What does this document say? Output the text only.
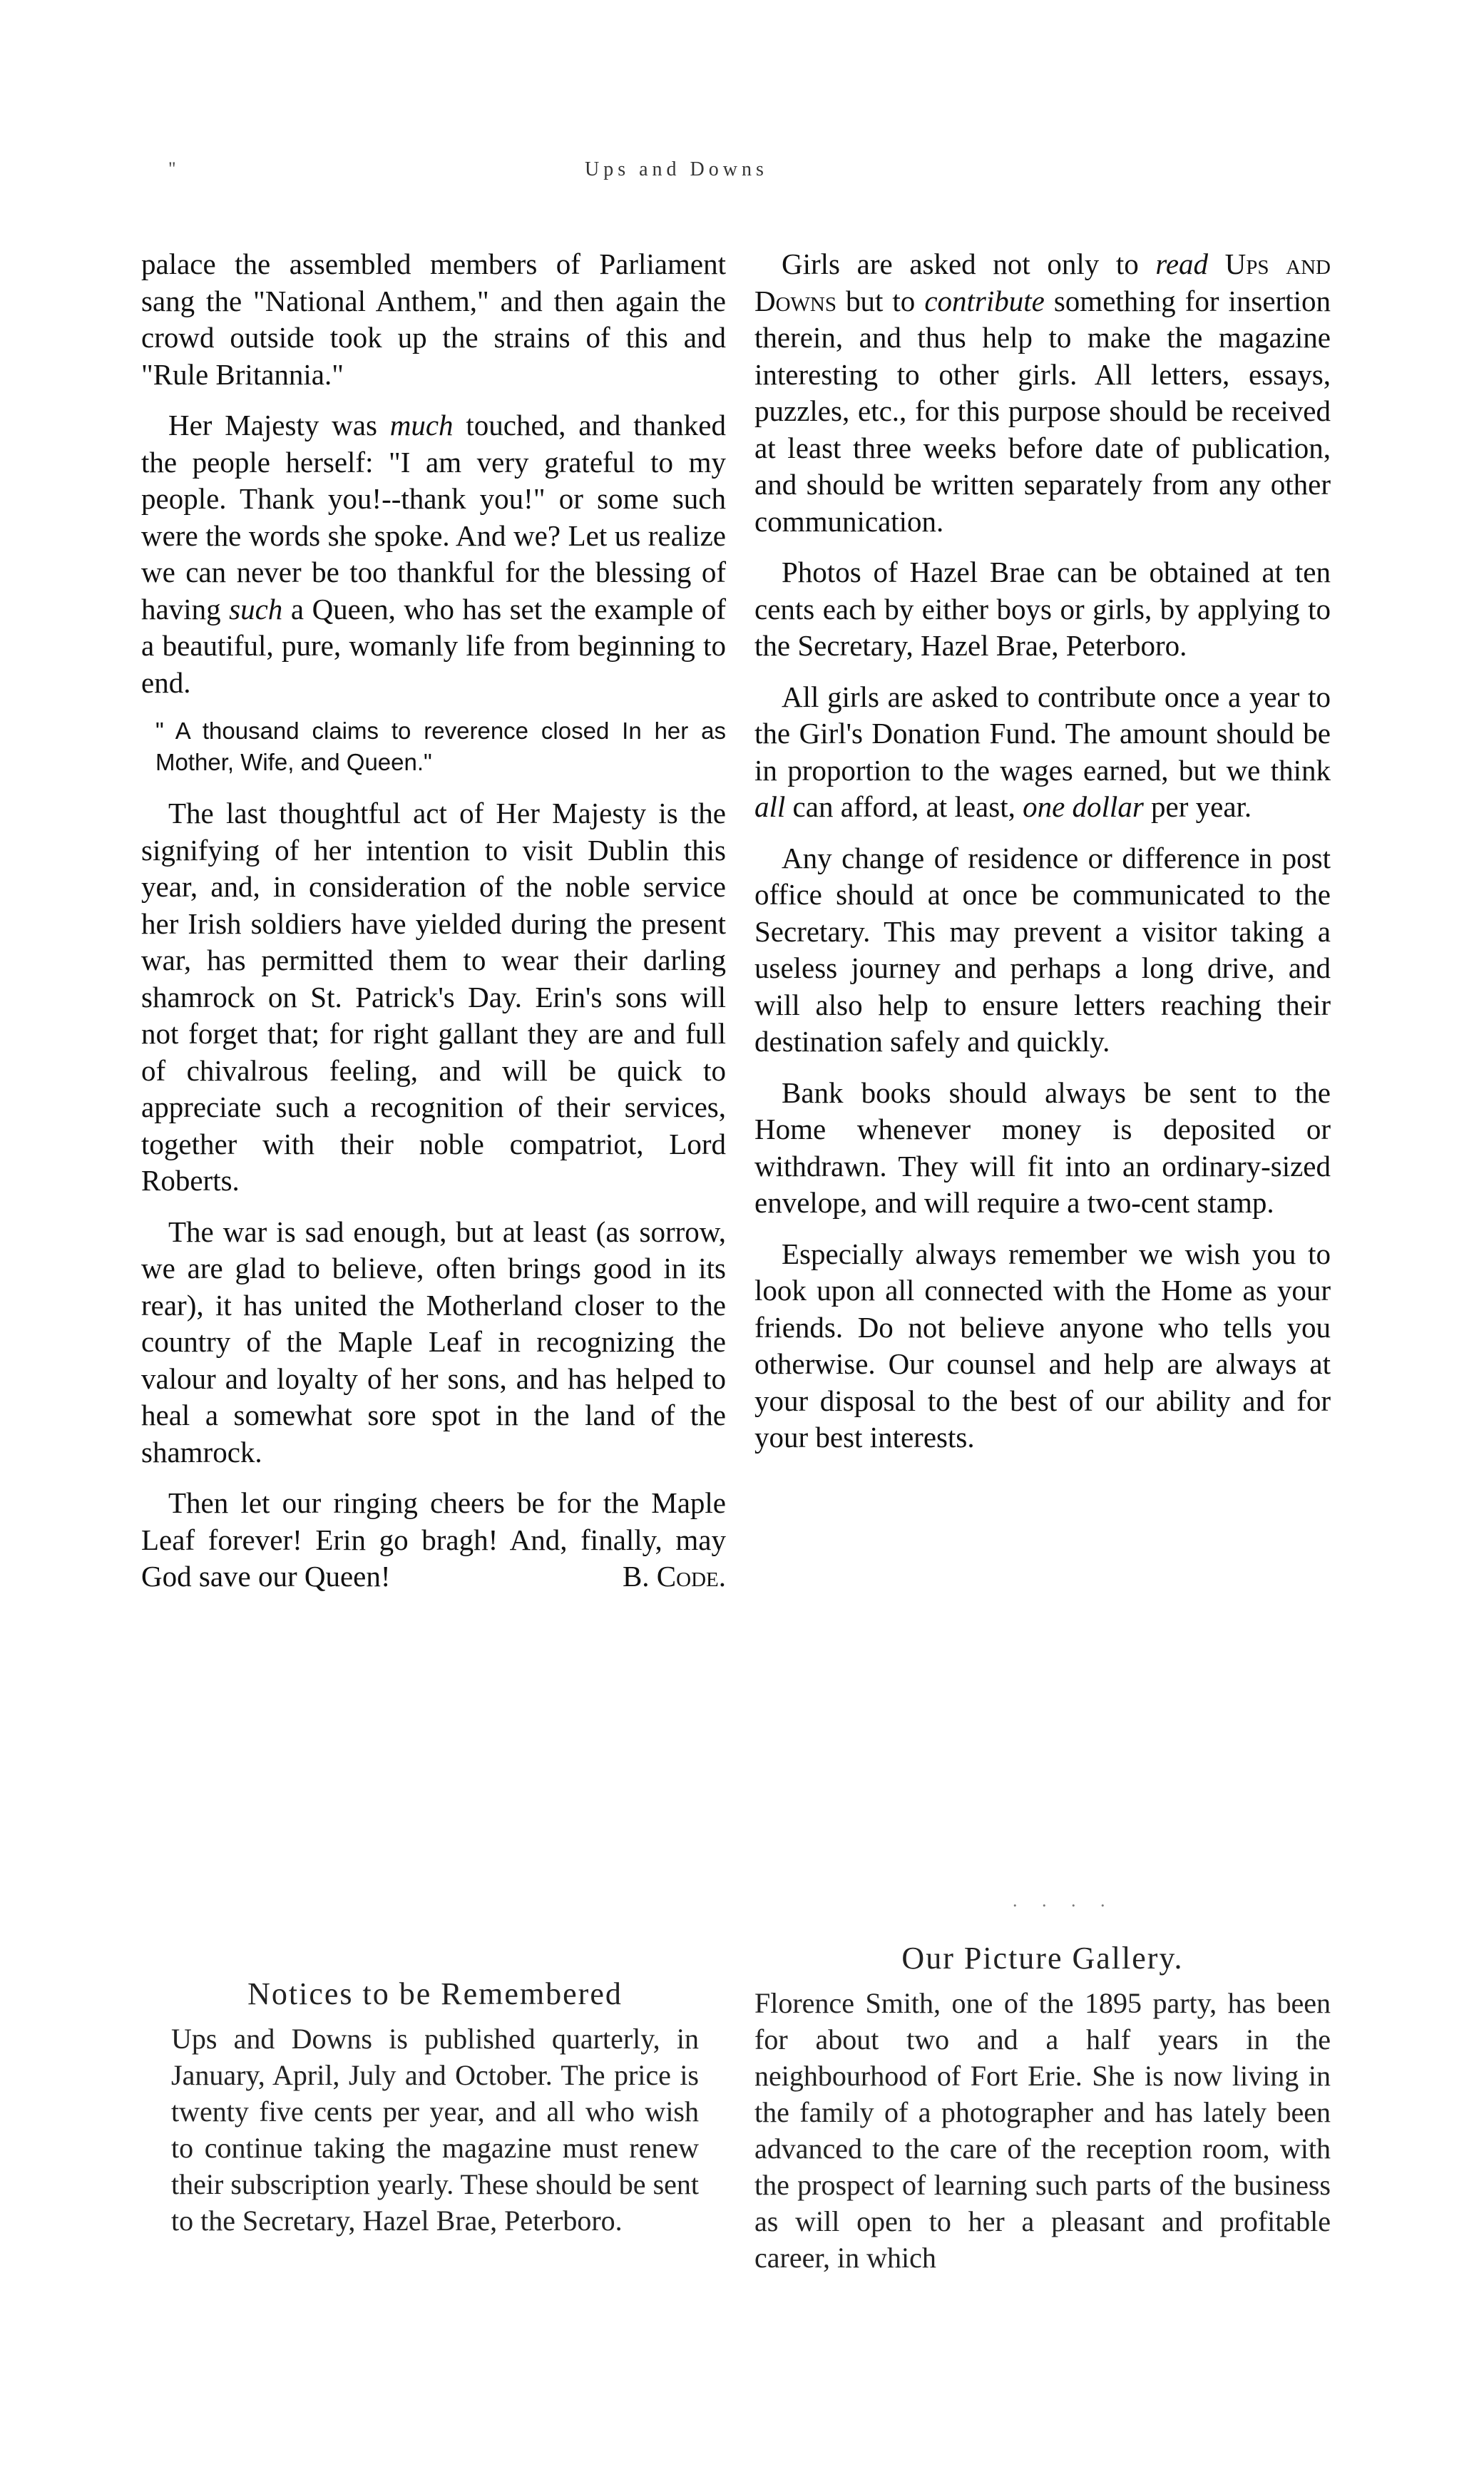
"	Ups and Downs

palace the assembled members of Parliament sang the "National Anthem," and then again the crowd outside took up the strains of this and "Rule Britannia."

Her Majesty was much touched, and thanked the people herself: "I am very grateful to my people. Thank you!--thank you!" or some such were the words she spoke. And we? Let us realize we can never be too thankful for the blessing of having such a Queen, who has set the example of a beautiful, pure, womanly life from beginning to end.

" A thousand claims to reverence closed In her as Mother, Wife, and Queen."

The last thoughtful act of Her Majesty is the signifying of her intention to visit Dublin this year, and, in consideration of the noble service her Irish soldiers have yielded during the present war, has permitted them to wear their darling shamrock on St. Patrick's Day. Erin's sons will not forget that; for right gallant they are and full of chivalrous feeling, and will be quick to appreciate such a recognition of their services, together with their noble compatriot, Lord Roberts.

The war is sad enough, but at least (as sorrow, we are glad to believe, often brings good in its rear), it has united the Motherland closer to the country of the Maple Leaf in recognizing the valour and loyalty of her sons, and has helped to heal a somewhat sore spot in the land of the shamrock.

Then let our ringing cheers be for the Maple Leaf forever! Erin go bragh! And, finally, may God save our Queen!	B. Code.

Girls are asked not only to read Ups and Downs but to contribute something for insertion therein, and thus help to make the magazine interesting to other girls. All letters, essays, puzzles, etc., for this purpose should be received at least three weeks before date of publication, and should be written separately from any other communication.

Photos of Hazel Brae can be obtained at ten cents each by either boys or girls, by applying to the Secretary, Hazel Brae, Peterboro.

All girls are asked to contribute once a year to the Girl's Donation Fund. The amount should be in proportion to the wages earned, but we think all can afford, at least, one dollar per year.

Any change of residence or difference in post office should at once be communicated to the Secretary. This may prevent a visitor taking a useless journey and perhaps a long drive, and will also help to ensure letters reaching their destination safely and quickly.

Bank books should always be sent to the Home whenever money is deposited or withdrawn. They will fit into an ordinary-sized envelope, and will require a two-cent stamp.

Especially always remember we wish you to look upon all connected with the Home as your friends. Do not believe anyone who tells you otherwise. Our counsel and help are always at your disposal to the best of our ability and for your best interests.

. . . .
Notices to be Remembered

Ups and Downs is published quarterly, in January, April, July and October. The price is twenty five cents per year, and all who wish to continue taking the magazine must renew their subscription yearly. These should be sent to the Secretary, Hazel Brae, Peterboro.

Our Picture Gallery.

Florence Smith, one of the 1895 party, has been for about two and a half years in the neighbourhood of Fort Erie. She is now living in the family of a photographer and has lately been advanced to the care of the reception room, with the prospect of learning such parts of the business as will open to her a pleasant and profitable career, in which
